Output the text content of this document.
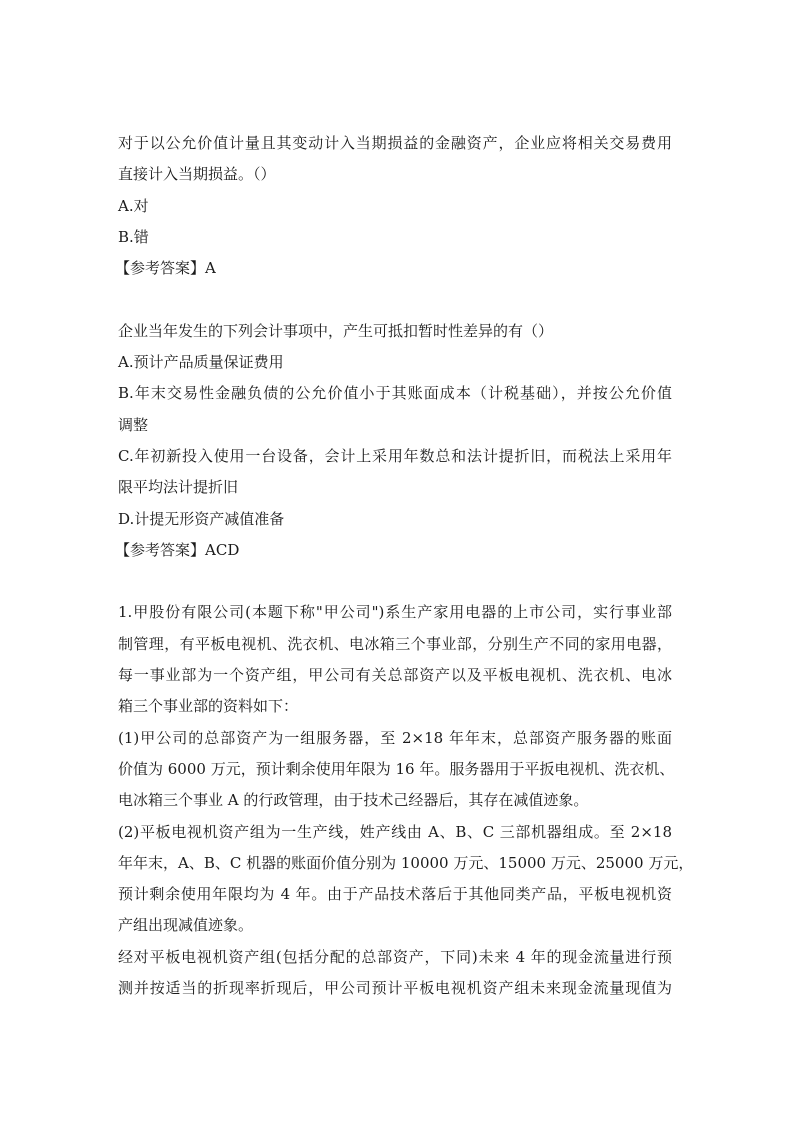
对于以公允价值计量且其变动计入当期损益的金融资产，企业应将相关交易费用
直接计入当期损益。（）
A.对
B.错
【参考答案】A
企业当年发生的下列会计事项中，产生可抵扣暂时性差异的有（）
A.预计产品质量保证费用
B.年末交易性金融负债的公允价值小于其账面成本（计税基础），并按公允价值
调整
C.年初新投入使用一台设备，会计上采用年数总和法计提折旧，而税法上采用年
限平均法计提折旧
D.计提无形资产减值准备
【参考答案】ACD
1.甲股份有限公司(本题下称"甲公司")系生产家用电器的上市公司，实行事业部
制管理，有平板电视机、洗衣机、电冰箱三个事业部，分别生产不同的家用电器，
每一事业部为一个资产组，甲公司有关总部资产以及平板电视机、洗衣机、电冰
箱三个事业部的资料如下：
(1)甲公司的总部资产为一组服务器，至 2×18 年年末，总部资产服务器的账面
价值为 6000 万元，预计剩余使用年限为 16 年。服务器用于平扳电视机、洗衣机、
电冰箱三个事业 A 的行政管理，由于技术己经器后，其存在减值迹象。
(2)平板电视机资产组为一生产线，姓产线由 A、B、C 三部机器组成。至 2×18
年年末，A、B、C 机器的账面价值分别为 10000 万元、15000 万元、25000 万元，
预计剩余使用年限均为 4 年。由于产品技术落后于其他同类产品，平板电视机资
产组出现减值迹象。
经对平板电视机资产组(包括分配的总部资产，下同)未来 4 年的现金流量进行预
测并按适当的折现率折现后，甲公司预计平板电视机资产组未来现金流量现值为
